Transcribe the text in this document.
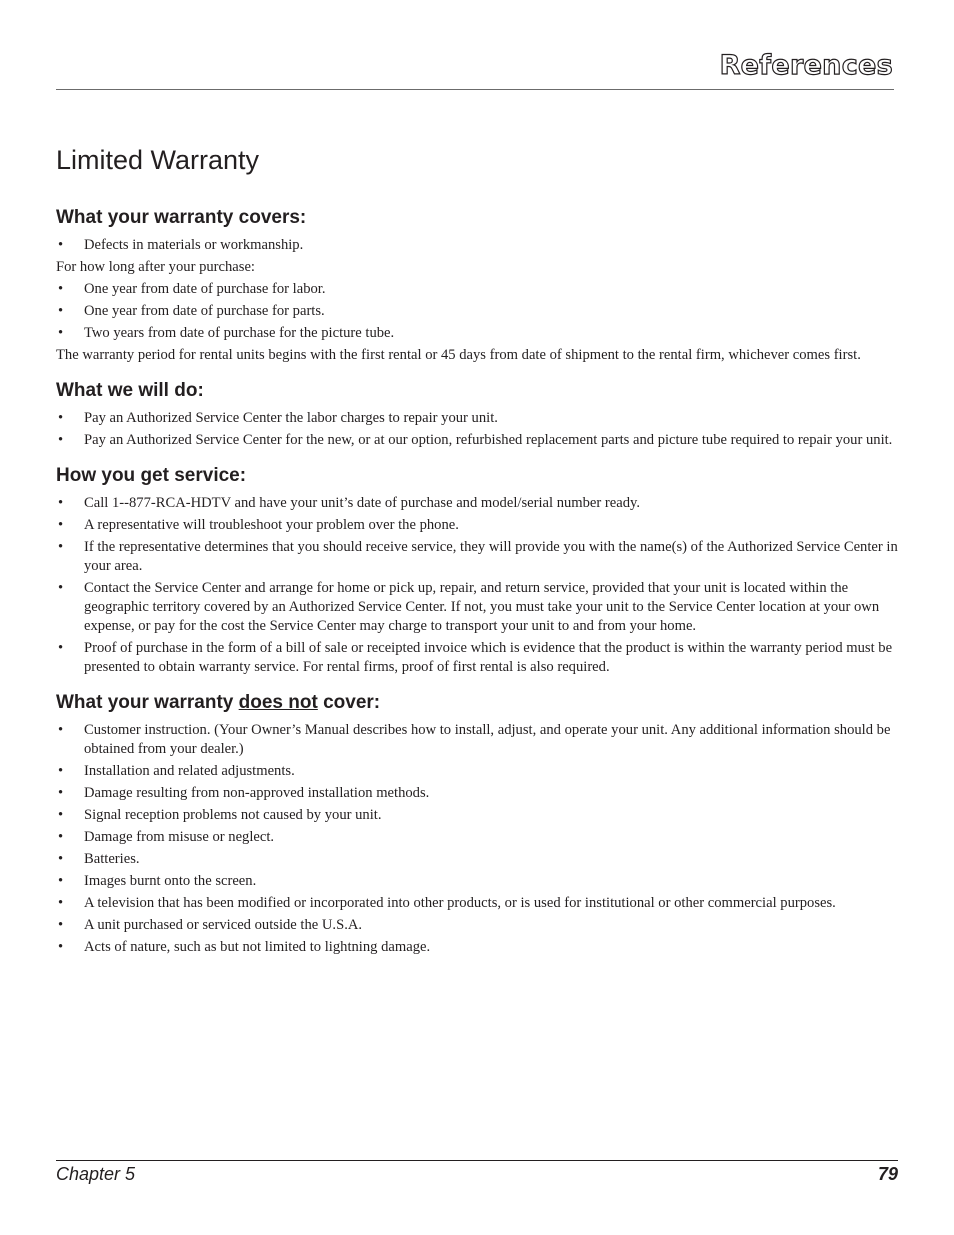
References
Limited Warranty
What your warranty covers:
• Defects in materials or workmanship.

For how long after your purchase:

• One year from date of purchase for labor.
• One year from date of purchase for parts.
• Two years from date of purchase for the picture tube.

The warranty period for rental units begins with the first rental or 45 days from date of shipment to the rental firm, whichever comes first.

What we will do:
• Pay an Authorized Service Center the labor charges to repair your unit.
• Pay an Authorized Service Center for the new, or at our option, refurbished replacement parts and picture tube required to repair your unit.
How you get service:
• Call 1--877-RCA-HDTV and have your unit’s date of purchase and model/serial number ready.
• A representative will troubleshoot your problem over the phone.
• If the representative determines that you should receive service, they will provide you with the name(s) of the Authorized Service Center in your area.
• Contact the Service Center and arrange for home or pick up, repair, and return service, provided that your unit is located within the geographic territory covered by an Authorized Service Center. If not, you must take your unit to the Service Center location at your own expense, or pay for the cost the Service Center may charge to transport your unit to and from your home.
• Proof of purchase in the form of a bill of sale or receipted invoice which is evidence that the product is within the warranty period must be presented to obtain warranty service. For rental firms, proof of first rental is also required.
What your warranty does not cover:
• Customer instruction. (Your Owner’s Manual describes how to install, adjust, and operate your unit. Any additional information should be obtained from your dealer.)
• Installation and related adjustments.
• Damage resulting from non-approved installation methods.
• Signal reception problems not caused by your unit.
• Damage from misuse or neglect.
• Batteries.
• Images burnt onto the screen.
• A television that has been modified or incorporated into other products, or is used for institutional or other commercial purposes.
• A unit purchased or serviced outside the U.S.A.
• Acts of nature, such as but not limited to lightning damage.
Chapter 5	79
